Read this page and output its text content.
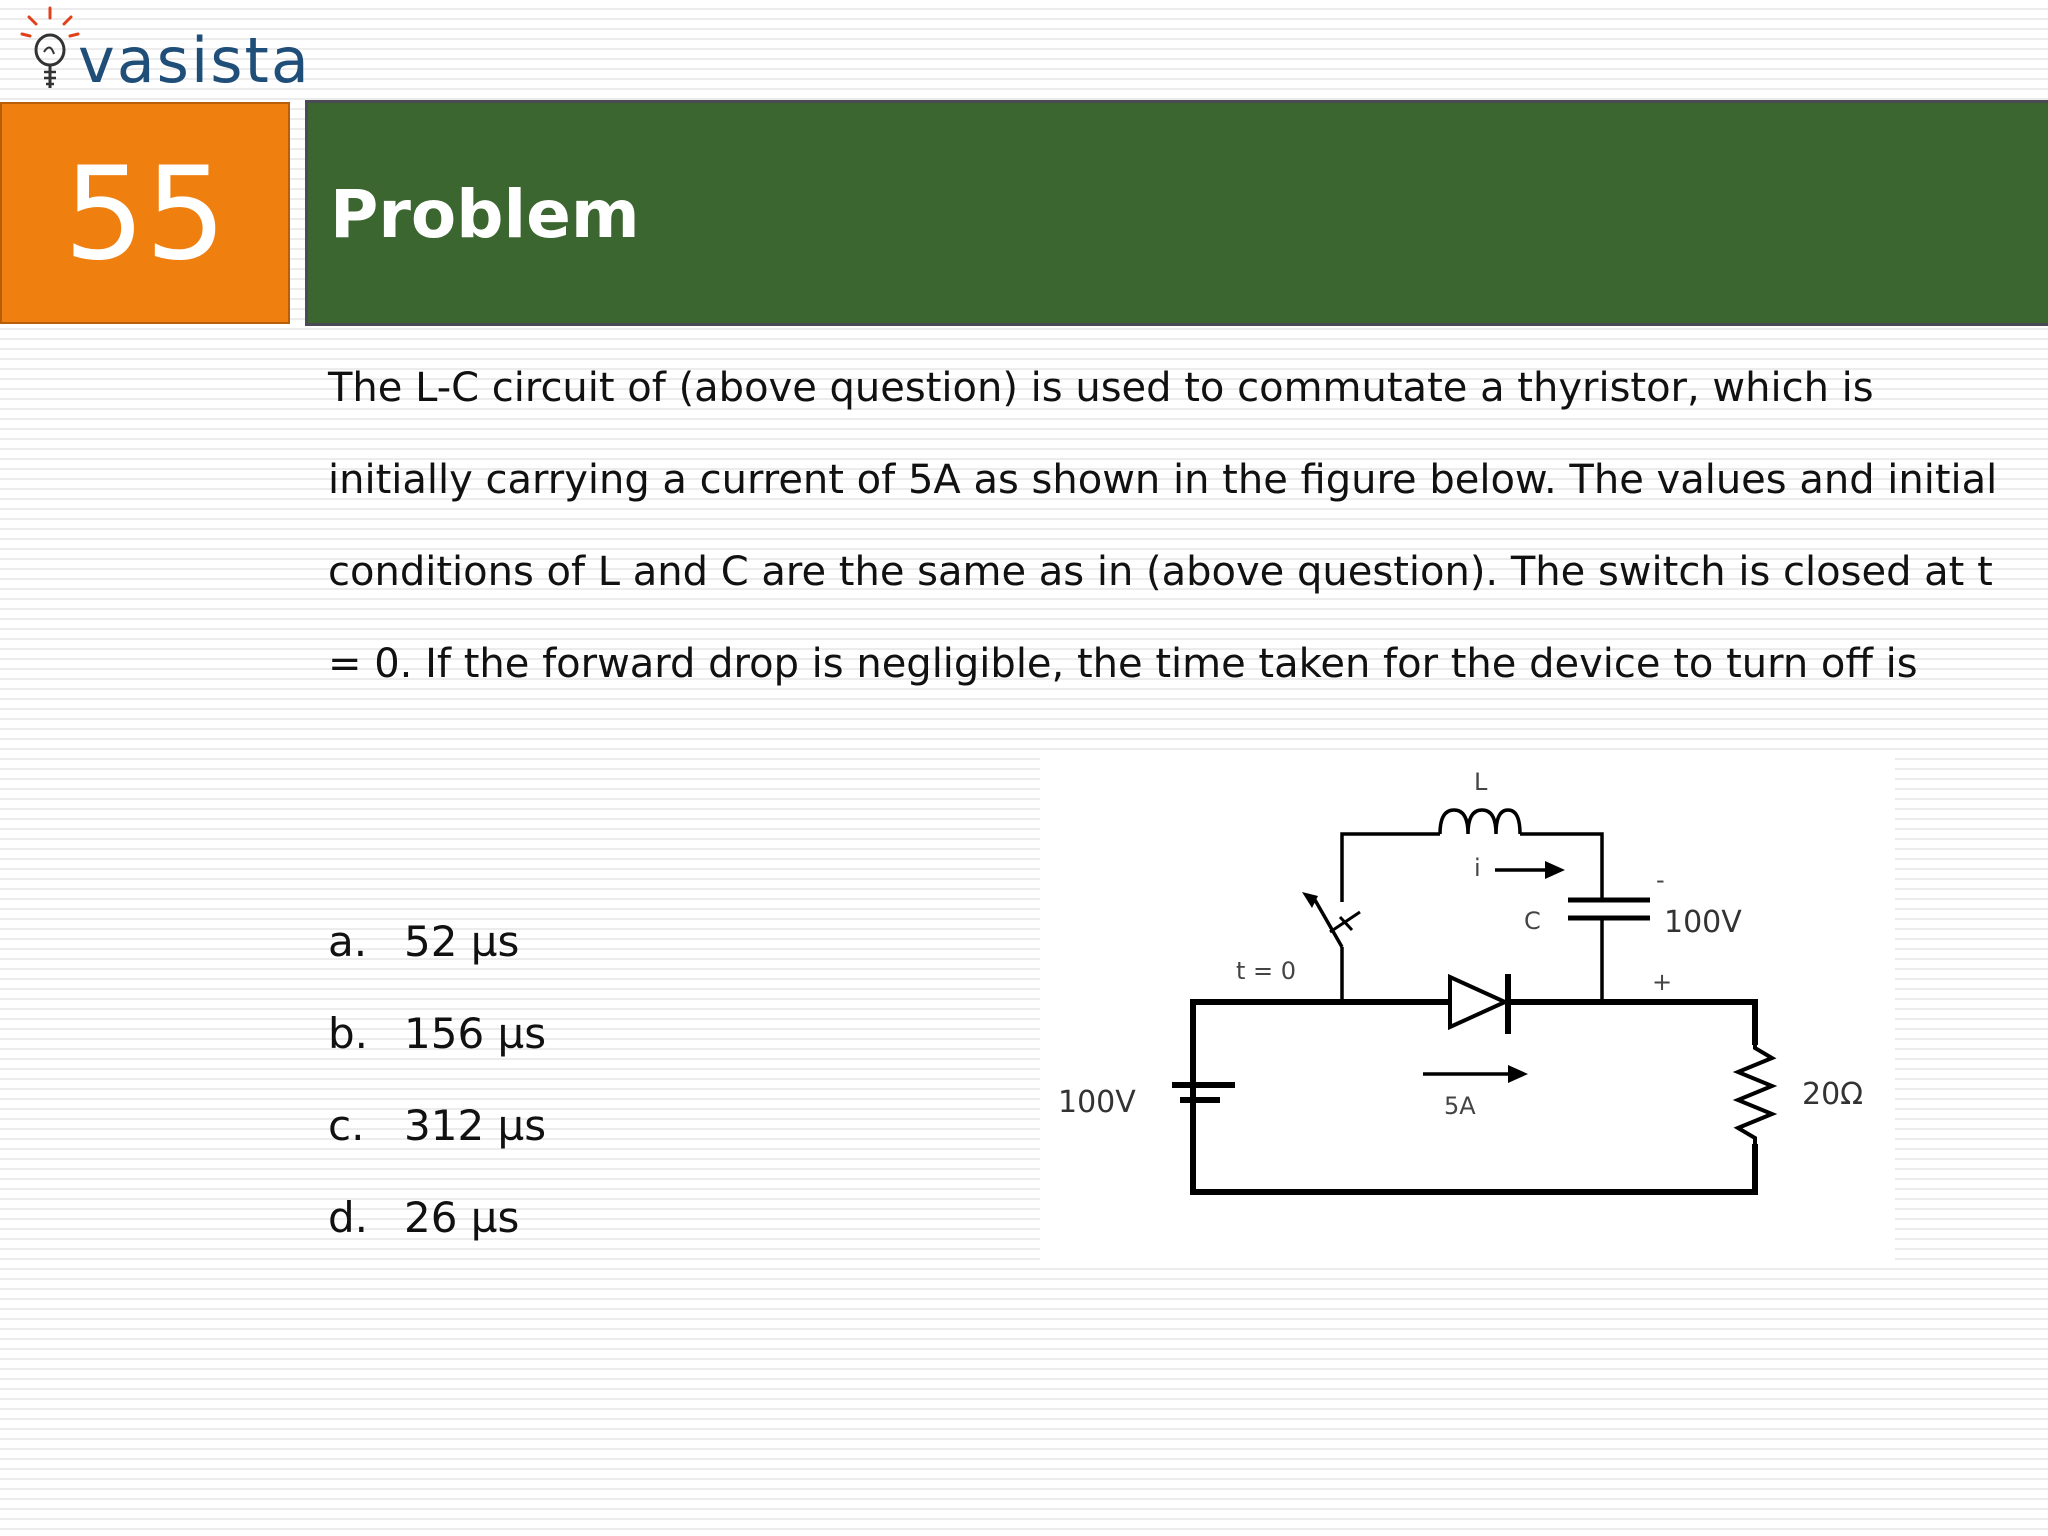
vasista
55	Problem

The L-C circuit of (above question) is used to commutate a thyristor, which is initially carrying a current of 5A as shown in the figure below. The values and initial conditions of L and C are the same as in (above question). The switch is closed at t = 0. If the forward drop is negligible, the time taken for the device to turn off is

a. 52 µs
b. 156 µs
c. 312 µs
d. 26 µs
L
i
C	100V
-
+
t = 0
100V	5A	20Ω
